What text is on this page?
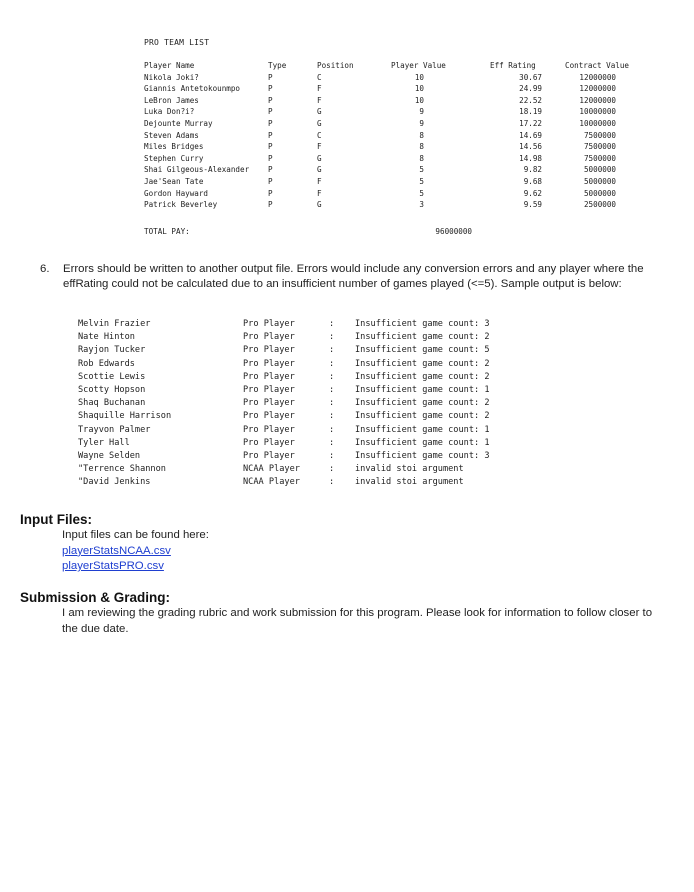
PRO TEAM LIST
Player Name	Type	Position	Player Value	Eff Rating	Contract Value
Nikola Joki?	P	C	10	30.67	12000000
Giannis Antetokounmpo	P	F	10	24.99	12000000
LeBron James	P	F	10	22.52	12000000
Luka Don?i?	P	G	9	18.19	10000000
Dejounte Murray	P	G	9	17.22	10000000
Steven Adams	P	C	8	14.69	7500000
Miles Bridges	P	F	8	14.56	7500000
Stephen Curry	P	G	8	14.98	7500000
Shai Gilgeous-Alexander P	G	5	9.82	5000000
Jae'Sean Tate	P	F	5	9.68	5000000
Gordon Hayward	P	F	5	9.62	5000000
Patrick Beverley	P	G	3	9.59	2500000
TOTAL PAY:	96000000
6. Errors should be written to another output file. Errors would include any conversion errors and any player where the effRating could not be calculated due to an insufficient number of games played (<=5). Sample output is below:
Melvin Frazier	Pro Player	: Insufficient game count: 3
Nate Hinton	Pro Player	: Insufficient game count: 2
Rayjon Tucker	Pro Player	: Insufficient game count: 5
Rob Edwards	Pro Player	: Insufficient game count: 2
Scottie Lewis	Pro Player	: Insufficient game count: 2
Scotty Hopson	Pro Player	: Insufficient game count: 1
Shaq Buchanan	Pro Player	: Insufficient game count: 2
Shaquille Harrison	Pro Player	: Insufficient game count: 2
Trayvon Palmer	Pro Player	: Insufficient game count: 1
Tyler Hall	Pro Player	: Insufficient game count: 1
Wayne Selden	Pro Player	: Insufficient game count: 3
"Terrence Shannon	NCAA Player	: invalid stoi argument
"David Jenkins	NCAA Player	: invalid stoi argument
Input Files:
Input files can be found here:
playerStatsNCAA.csv
playerStatsPRO.csv
Submission & Grading:
I am reviewing the grading rubric and work submission for this program. Please look for information to follow closer to the due date.
